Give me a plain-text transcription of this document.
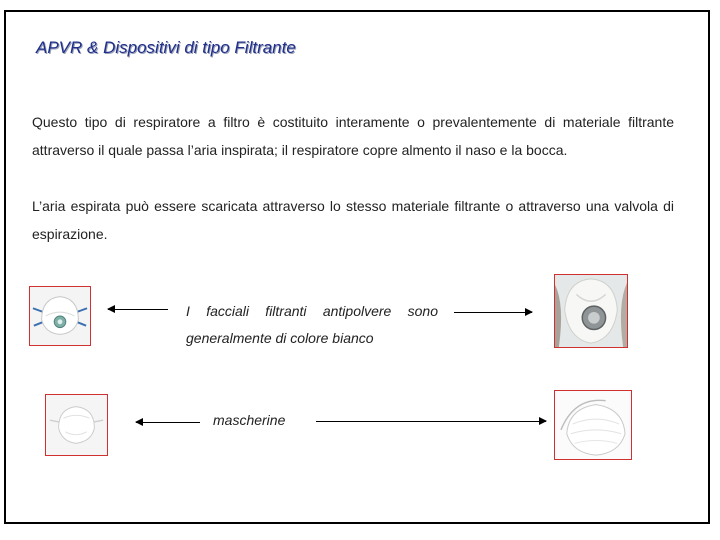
APVR & Dispositivi di tipo Filtrante
Questo tipo di respiratore a filtro è costituito interamente o prevalentemente di materiale filtrante attraverso il quale passa l’aria inspirata; il respiratore copre almento il naso e la bocca.
L’aria espirata può essere scaricata attraverso lo stesso materiale filtrante o attraverso una valvola di espirazione.
I facciali filtranti antipolvere sono
generalmente di colore bianco
mascherine
